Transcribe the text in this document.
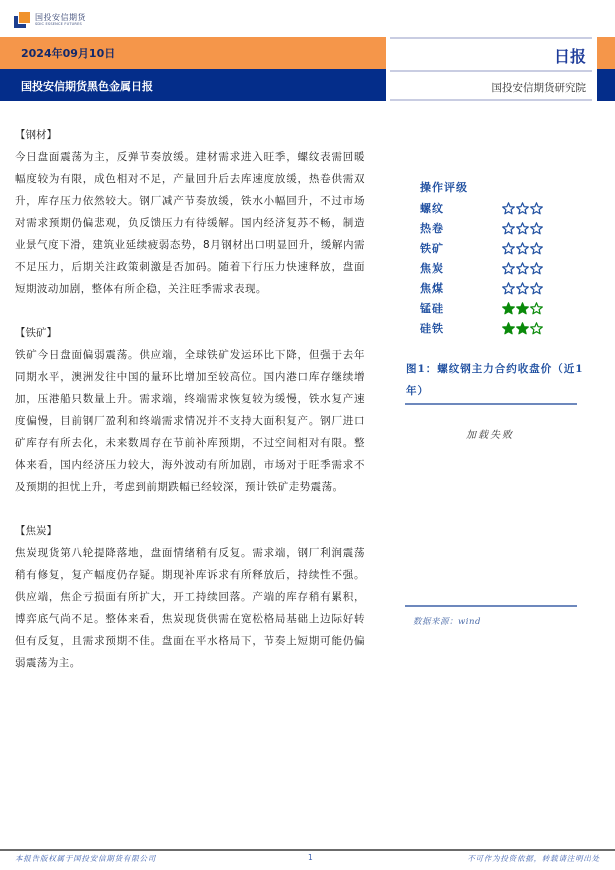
国投安信期货
SDIC ESSENCE FUTURES
2024年09月10日
国投安信期货黑色金属日报
日报
国投安信期货研究院
【钢材】
今日盘面震荡为主，反弹节奏放缓。建材需求进入旺季，螺纹表需回暖幅度较为有限，成色相对不足，产量回升后去库速度放缓，热卷供需双升，库存压力依然较大。钢厂减产节奏放缓，铁水小幅回升，不过市场对需求预期仍偏悲观，负反馈压力有待缓解。国内经济复苏不畅，制造业景气度下滑，建筑业延续疲弱态势，8月钢材出口明显回升，缓解内需不足压力，后期关注政策刺激是否加码。随着下行压力快速释放，盘面短期波动加剧，整体有所企稳，关注旺季需求表现。
【铁矿】
铁矿今日盘面偏弱震荡。供应端，全球铁矿发运环比下降，但强于去年同期水平，澳洲发往中国的量环比增加至较高位。国内港口库存继续增加，压港船只数量上升。需求端，终端需求恢复较为缓慢，铁水复产速度偏慢，目前钢厂盈利和终端需求情况并不支持大面积复产。钢厂进口矿库存有所去化，未来数周存在节前补库预期，不过空间相对有限。整体来看，国内经济压力较大，海外波动有所加剧，市场对于旺季需求不及预期的担忧上升，考虑到前期跌幅已经较深，预计铁矿走势震荡。
【焦炭】
焦炭现货第八轮提降落地，盘面情绪稍有反复。需求端，钢厂利润震荡稍有修复，复产幅度仍存疑。期现补库诉求有所释放后，持续性不强。供应端，焦企亏损面有所扩大，开工持续回落。产端的库存稍有累积，博弈底气尚不足。整体来看，焦炭现货供需在宽松格局基础上边际好转但有反复，且需求预期不佳。盘面在平水格局下，节奏上短期可能仍偏弱震荡为主。
操作评级
螺纹
热卷
铁矿
焦炭
焦煤
锰硅
硅铁
图1：螺纹钢主力合约收盘价（近1年）
加载失败
数据来源：wind
本报告版权属于国投安信期货有限公司	1	不可作为投资依据，转载请注明出处
